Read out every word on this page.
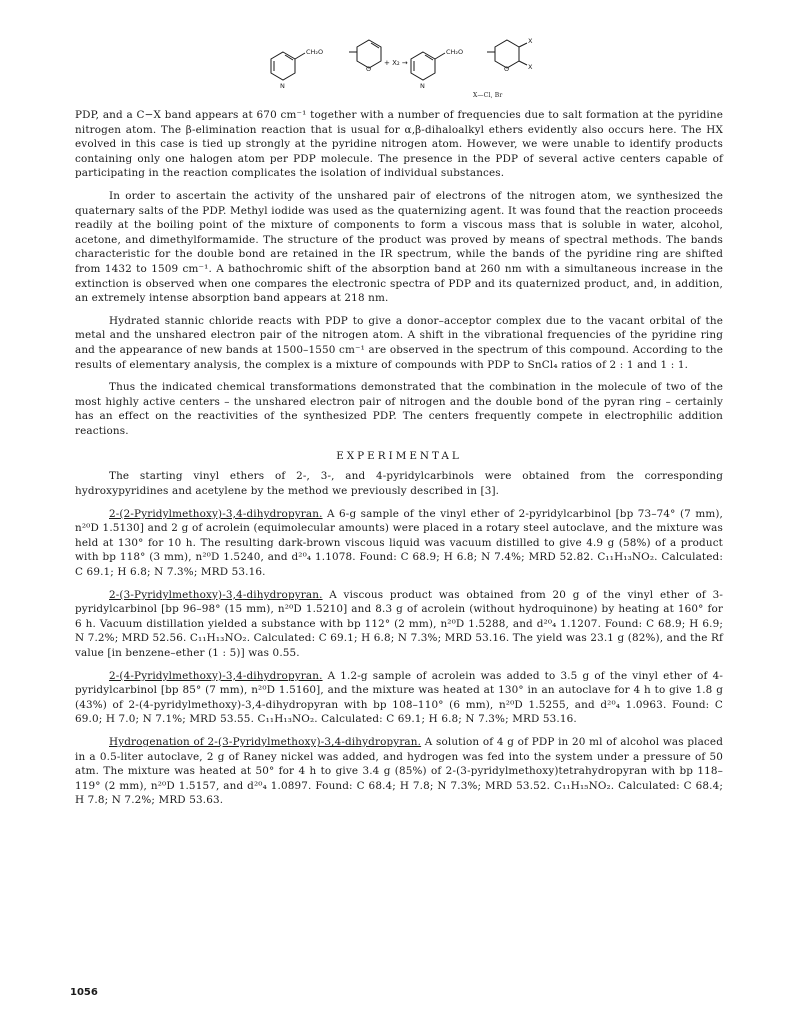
CH₂O
O
N
+ X₂ →
CH₂O
O
N
X
X
X—Cl, Br

PDP, and a C−X band appears at 670 cm⁻¹ together with a number of frequencies due to salt formation at the pyridine nitrogen atom. The β-elimination reaction that is usual for α,β-dihaloalkyl ethers evidently also occurs here. The HX evolved in this case is tied up strongly at the pyridine nitrogen atom. However, we were unable to identify products containing only one halogen atom per PDP molecule. The presence in the PDP of several active centers capable of participating in the reaction complicates the isolation of individual substances.

In order to ascertain the activity of the unshared pair of electrons of the nitrogen atom, we synthesized the quaternary salts of the PDP. Methyl iodide was used as the quaternizing agent. It was found that the reaction proceeds readily at the boiling point of the mixture of components to form a viscous mass that is soluble in water, alcohol, acetone, and dimethylformamide. The structure of the product was proved by means of spectral methods. The bands characteristic for the double bond are retained in the IR spectrum, while the bands of the pyridine ring are shifted from 1432 to 1509 cm⁻¹. A bathochromic shift of the absorption band at 260 nm with a simultaneous increase in the extinction is observed when one compares the electronic spectra of PDP and its quaternized product, and, in addition, an extremely intense absorption band appears at 218 nm.

Hydrated stannic chloride reacts with PDP to give a donor–acceptor complex due to the vacant orbital of the metal and the unshared electron pair of the nitrogen atom. A shift in the vibrational frequencies of the pyridine ring and the appearance of new bands at 1500–1550 cm⁻¹ are observed in the spectrum of this compound. According to the results of elementary analysis, the complex is a mixture of compounds with PDP to SnCl₄ ratios of 2 : 1 and 1 : 1.

Thus the indicated chemical transformations demonstrated that the combination in the molecule of two of the most highly active centers – the unshared electron pair of nitrogen and the double bond of the pyran ring – certainly has an effect on the reactivities of the synthesized PDP. The centers frequently compete in electrophilic addition reactions.

EXPERIMENTAL

The starting vinyl ethers of 2-, 3-, and 4-pyridylcarbinols were obtained from the corresponding hydroxypyridines and acetylene by the method we previously described in [3].

2-(2-Pyridylmethoxy)-3,4-dihydropyran. A 6-g sample of the vinyl ether of 2-pyridylcarbinol [bp 73–74° (7 mm), n²⁰D 1.5130] and 2 g of acrolein (equimolecular amounts) were placed in a rotary steel autoclave, and the mixture was held at 130° for 10 h. The resulting dark-brown viscous liquid was vacuum distilled to give 4.9 g (58%) of a product with bp 118° (3 mm), n²⁰D 1.5240, and d²⁰₄ 1.1078. Found: C 68.9; H 6.8; N 7.4%; MRD 52.82. C₁₁H₁₃NO₂. Calculated: C 69.1; H 6.8; N 7.3%; MRD 53.16.

2-(3-Pyridylmethoxy)-3,4-dihydropyran. A viscous product was obtained from 20 g of the vinyl ether of 3-pyridylcarbinol [bp 96–98° (15 mm), n²⁰D 1.5210] and 8.3 g of acrolein (without hydroquinone) by heating at 160° for 6 h. Vacuum distillation yielded a substance with bp 112° (2 mm), n²⁰D 1.5288, and d²⁰₄ 1.1207. Found: C 68.9; H 6.9; N 7.2%; MRD 52.56. C₁₁H₁₃NO₂. Calculated: C 69.1; H 6.8; N 7.3%; MRD 53.16. The yield was 23.1 g (82%), and the Rf value [in benzene–ether (1 : 5)] was 0.55.

2-(4-Pyridylmethoxy)-3,4-dihydropyran. A 1.2-g sample of acrolein was added to 3.5 g of the vinyl ether of 4-pyridylcarbinol [bp 85° (7 mm), n²⁰D 1.5160], and the mixture was heated at 130° in an autoclave for 4 h to give 1.8 g (43%) of 2-(4-pyridylmethoxy)-3,4-dihydropyran with bp 108–110° (6 mm), n²⁰D 1.5255, and d²⁰₄ 1.0963. Found: C 69.0; H 7.0; N 7.1%; MRD 53.55. C₁₁H₁₃NO₂. Calculated: C 69.1; H 6.8; N 7.3%; MRD 53.16.

Hydrogenation of 2-(3-Pyridylmethoxy)-3,4-dihydropyran. A solution of 4 g of PDP in 20 ml of alcohol was placed in a 0.5-liter autoclave, 2 g of Raney nickel was added, and hydrogen was fed into the system under a pressure of 50 atm. The mixture was heated at 50° for 4 h to give 3.4 g (85%) of 2-(3-pyridylmethoxy)tetrahydropyran with bp 118–119° (2 mm), n²⁰D 1.5157, and d²⁰₄ 1.0897. Found: C 68.4; H 7.8; N 7.3%; MRD 53.52. C₁₁H₁₅NO₂. Calculated: C 68.4; H 7.8; N 7.2%; MRD 53.63.

1056
